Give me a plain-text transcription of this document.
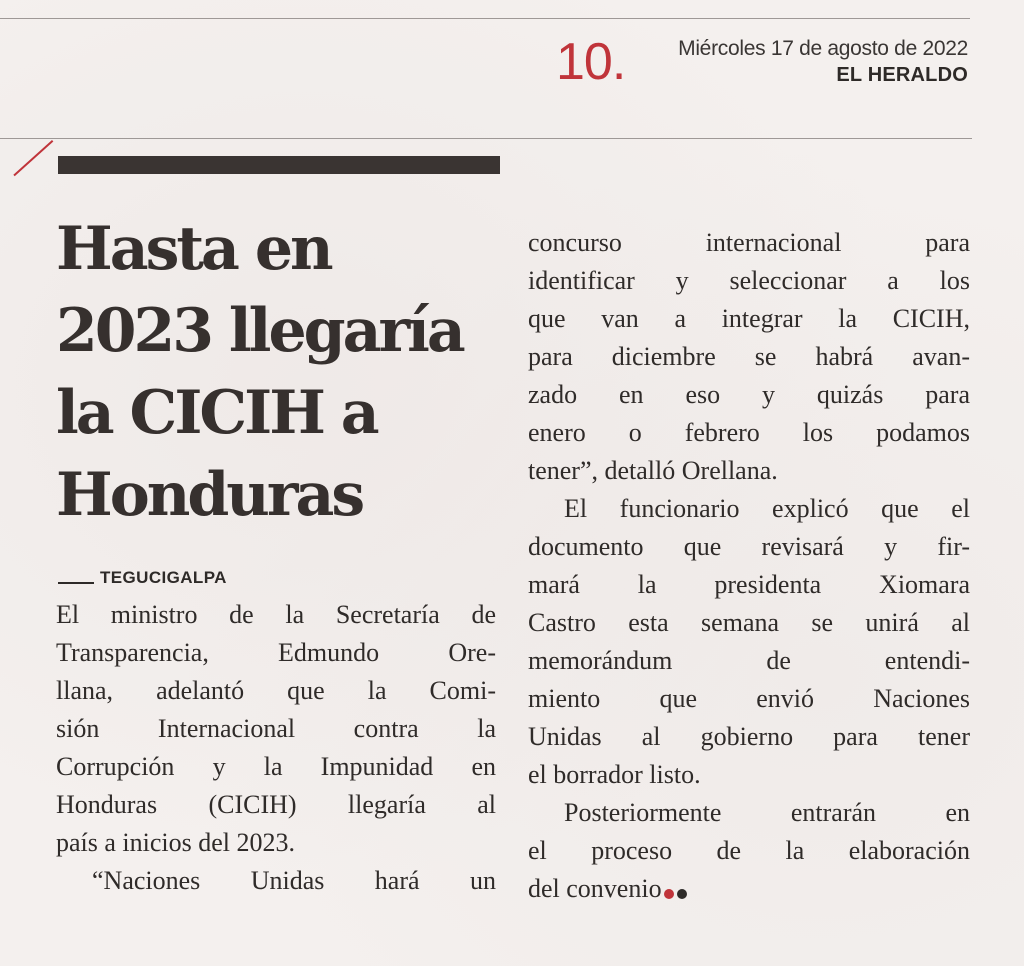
10.	Miércoles 17 de agosto de 2022
EL HERALDO
Hasta en
2023 llegaría
la CICIH a
Honduras
TEGUCIGALPA
El ministro de la Secretaría de
Transparencia, Edmundo Ore-
llana, adelantó que la Comi-
sión Internacional contra la
Corrupción y la Impunidad en
Honduras (CICIH) llegaría al
país a inicios del 2023.
“Naciones Unidas hará un
concurso internacional para
identificar y seleccionar a los
que van a integrar la CICIH,
para diciembre se habrá avan-
zado en eso y quizás para
enero o febrero los podamos
tener”, detalló Orellana.
El funcionario explicó que el
documento que revisará y fir-
mará la presidenta Xiomara
Castro esta semana se unirá al
memorándum de entendi-
miento que envió Naciones
Unidas al gobierno para tener
el borrador listo.
Posteriormente entrarán en
el proceso de la elaboración
del convenio
